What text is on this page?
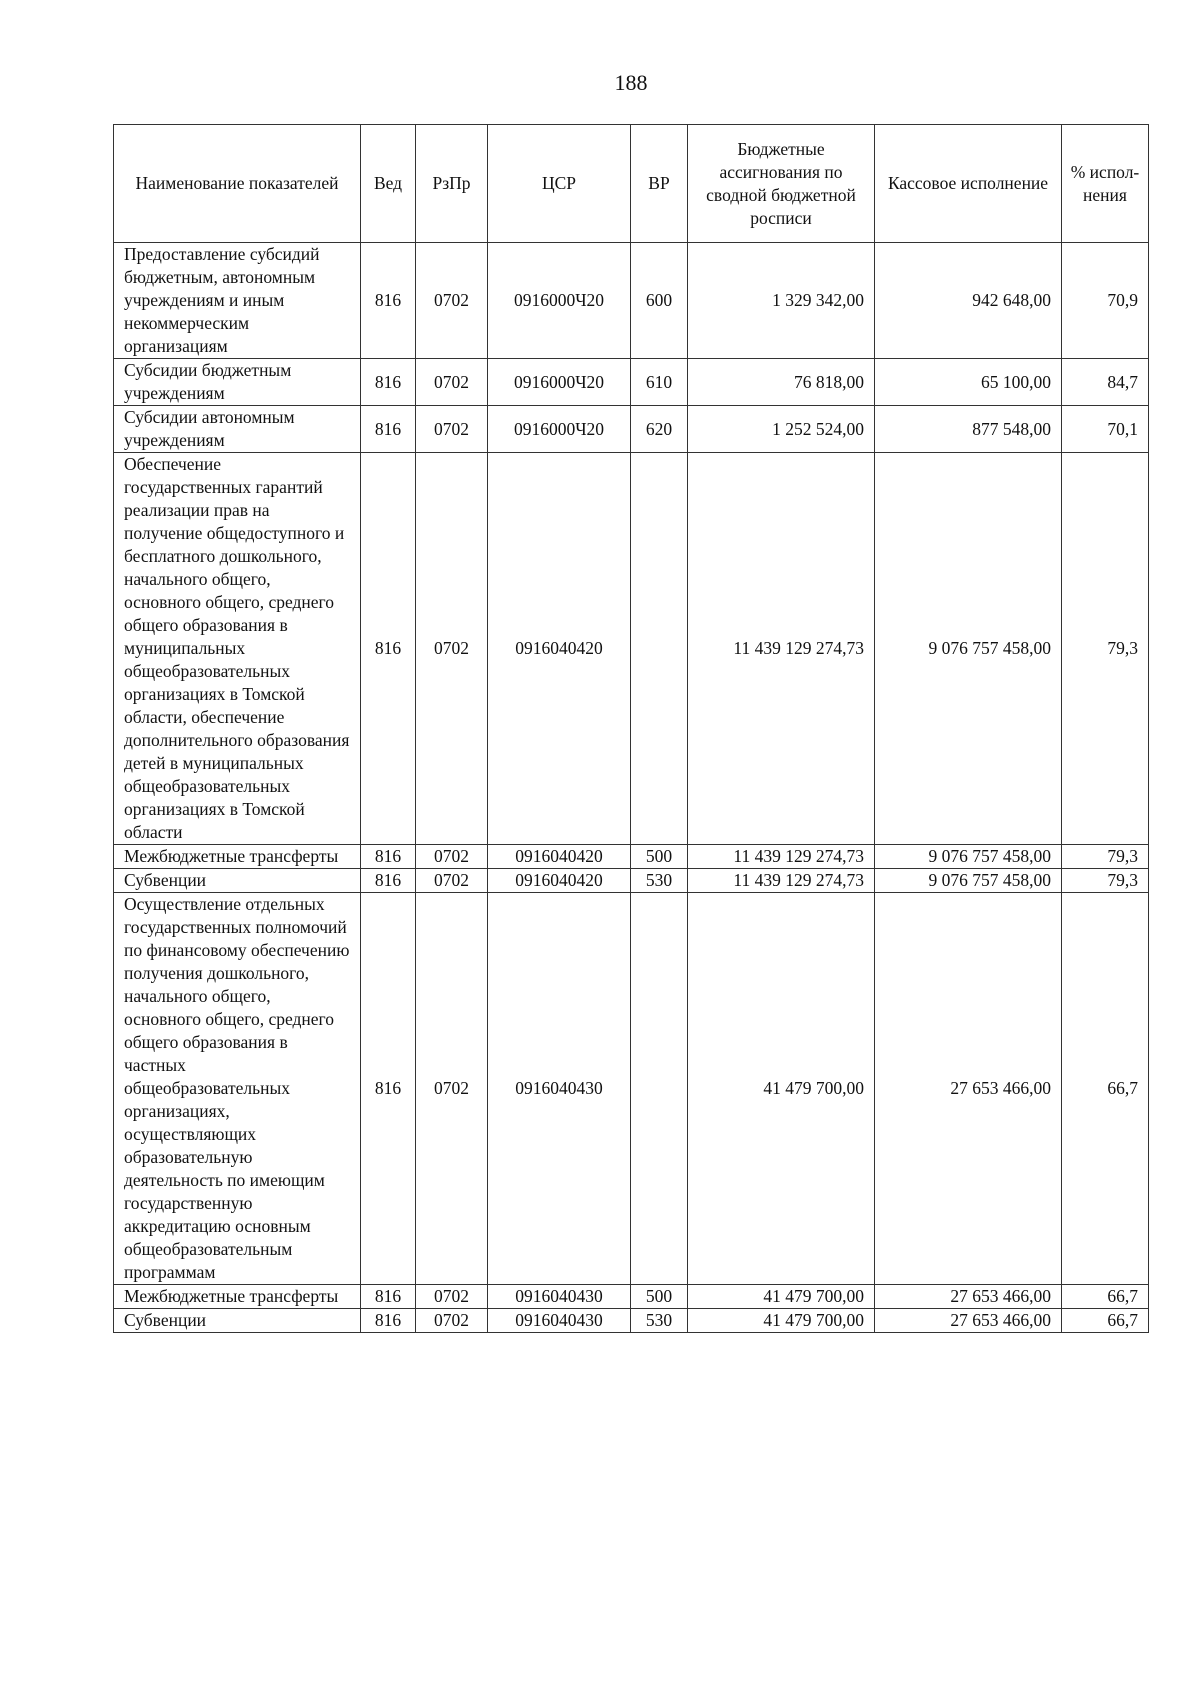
188
Наименование показателей	Вед	РзПр	ЦСР	ВР	Бюджетные ассигнования по сводной бюджетной росписи	Кассовое исполнение	% испол-нения
Предоставление субсидий бюджетным, автономным учреждениям и иным некоммерческим организациям	816	0702	0916000Ч20	600	1 329 342,00	942 648,00	70,9
Субсидии бюджетным учреждениям	816	0702	0916000Ч20	610	76 818,00	65 100,00	84,7
Субсидии автономным учреждениям	816	0702	0916000Ч20	620	1 252 524,00	877 548,00	70,1
Обеспечение государственных гарантий реализации прав на получение общедоступного и бесплатного дошкольного, начального общего, основного общего, среднего общего образования в муниципальных общеобразовательных организациях в Томской области, обеспечение дополнительного образования детей в муниципальных общеобразовательных организациях в Томской области	816	0702	0916040420		11 439 129 274,73	9 076 757 458,00	79,3
Межбюджетные трансферты	816	0702	0916040420	500	11 439 129 274,73	9 076 757 458,00	79,3
Субвенции	816	0702	0916040420	530	11 439 129 274,73	9 076 757 458,00	79,3
Осуществление отдельных государственных полномочий по финансовому обеспечению получения дошкольного, начального общего, основного общего, среднего общего образования в частных общеобразовательных организациях, осуществляющих образовательную деятельность по имеющим государственную аккредитацию основным общеобразовательным программам	816	0702	0916040430		41 479 700,00	27 653 466,00	66,7
Межбюджетные трансферты	816	0702	0916040430	500	41 479 700,00	27 653 466,00	66,7
Субвенции	816	0702	0916040430	530	41 479 700,00	27 653 466,00	66,7
